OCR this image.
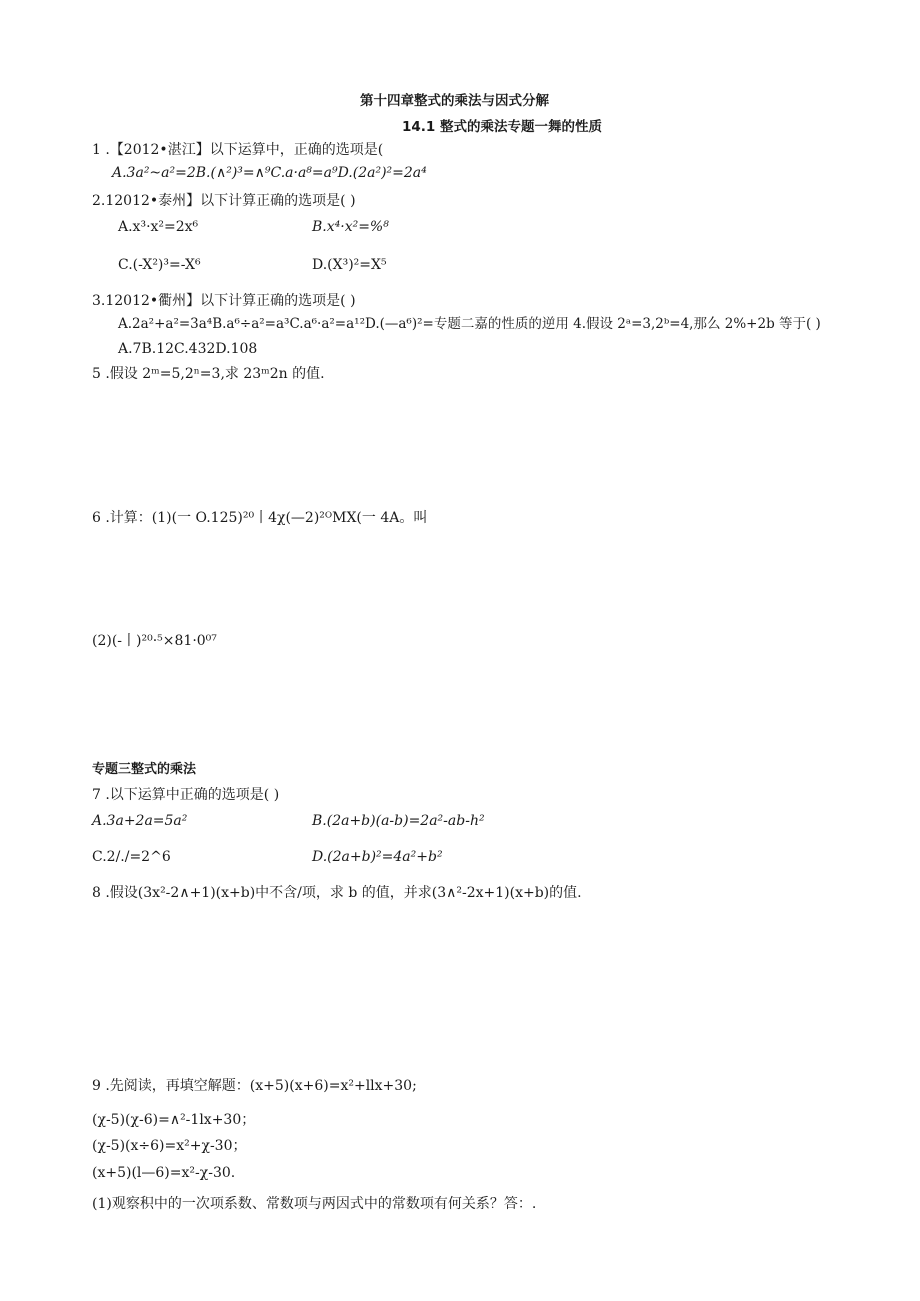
第十四章整式的乘法与因式分解
14.1 整式的乘法专题一舞的性质
1 .【2012•湛江】以下运算中，正确的选项是(
A.3a²~a²=2B.(∧²)³=∧⁹C.a·a⁸=a⁹D.(2a²)²=2a⁴
2.12012•泰州】以下计算正确的选项是( )
A.x³·x²=2x⁶	B.x⁴·x²=%⁸
C.(-X²)³=-X⁶	D.(X³)²=X⁵
3.12012•衢州】以下计算正确的选项是( )
A.2a²+a²=3a⁴B.a⁶÷a²=a³C.a⁶·a²=a¹²D.(—a⁶)²=专题二嘉的性质的逆用 4.假设 2ᵃ=3,2ᵇ=4,那么 2%+2b 等于( )
A.7B.12C.432D.108
5 .假设 2ᵐ=5,2ⁿ=3,求 23ᵐ2n 的值.
6 .计算：(1)(一 O.125)²⁰丨4χ(—2)²ᴼMX(一 4A。叫
(2)(-丨)²⁰·⁵×81·0⁰⁷
专题三整式的乘法
7 .以下运算中正确的选项是( )
A.3a+2a=5a²	B.(2a+b)(a-b)=2a²-ab-h²
C.2/./=2^6	D.(2a+b)²=4a²+b²
8 .假设(3x²-2∧+1)(x+b)中不含/项，求 b 的值，并求(3∧²-2x+1)(x+b)的值.
9 .先阅读，再填空解题：(x+5)(x+6)=x²+llx+30;
(χ-5)(χ-6)=∧²-1lx+30；
(χ-5)(x÷6)=x²+χ-30；
(x+5)(l—6)=x²-χ-30.
(1)观察积中的一次项系数、常数项与两因式中的常数项有何关系？答：.
